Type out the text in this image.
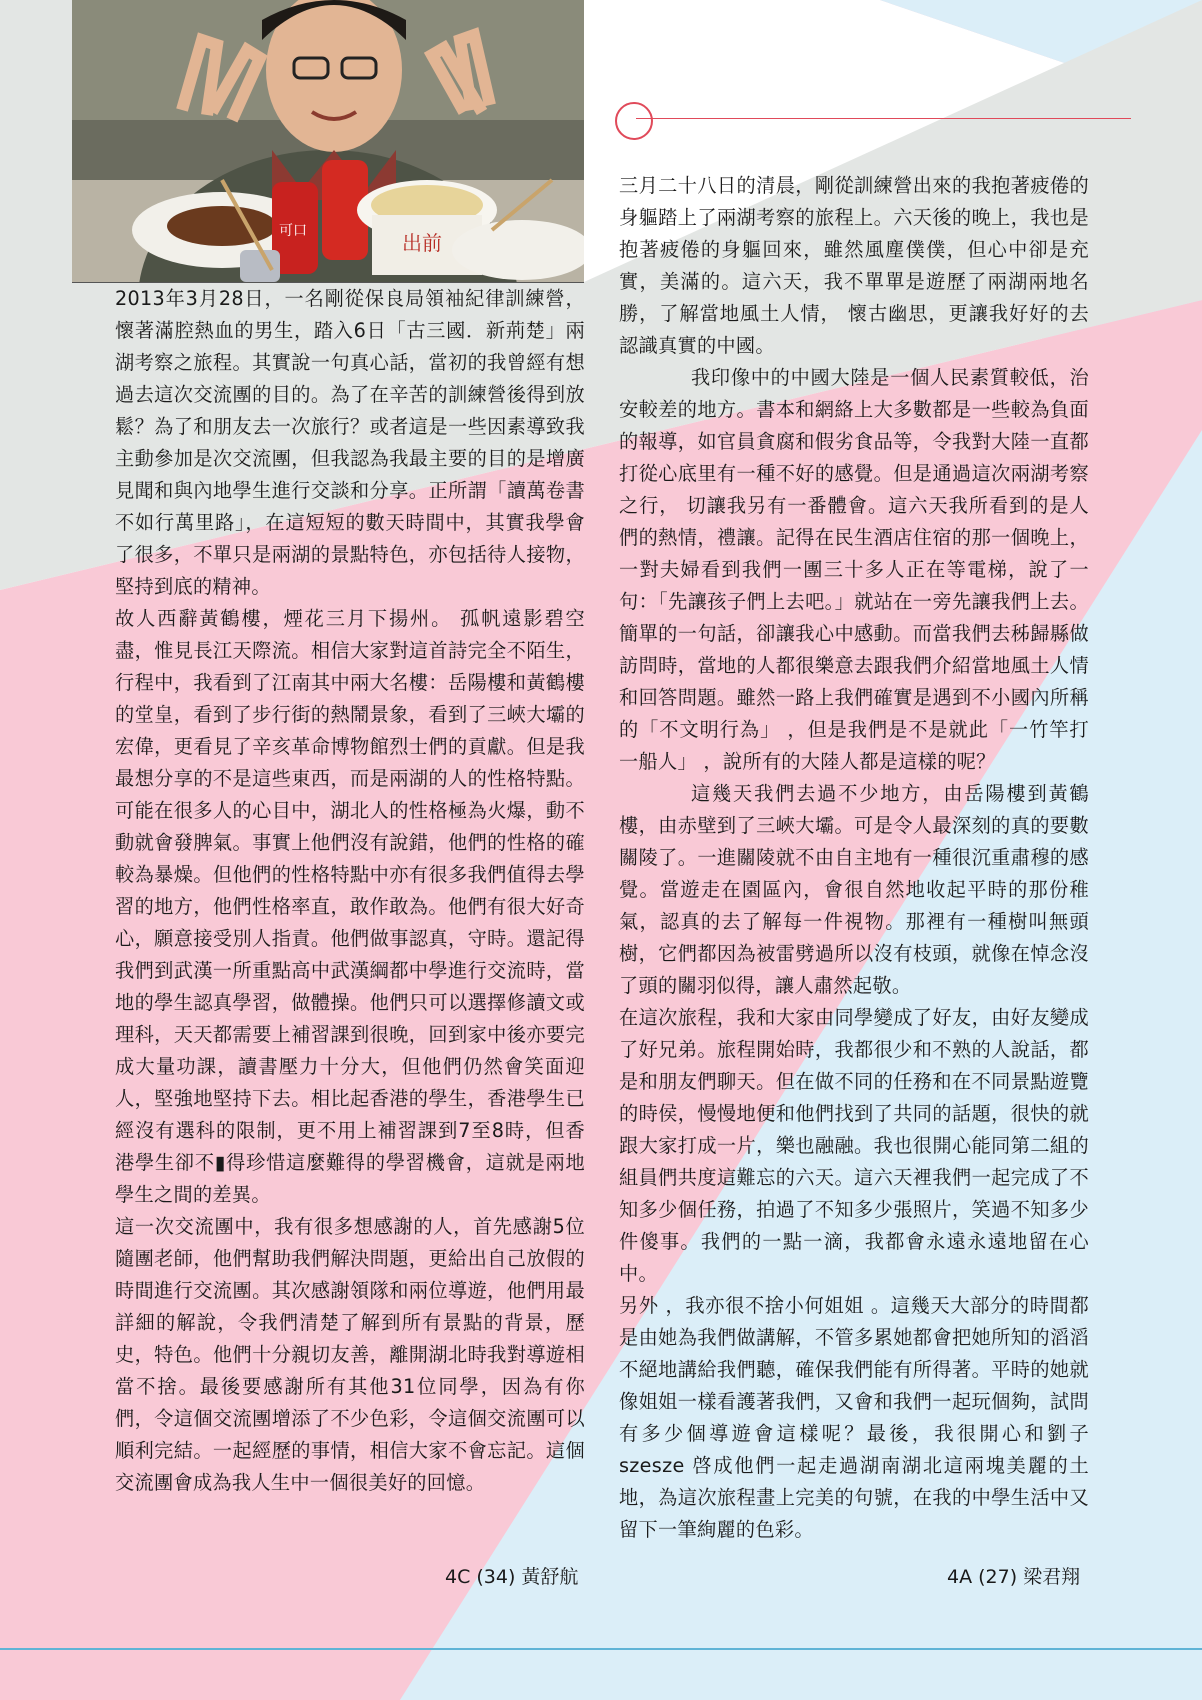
可口	出前

2013年3月28日，一名剛從保良局領袖紀律訓練營，懷著滿腔熱血的男生，踏入6日「古三國．新荊楚」兩湖考察之旅程。其實說一句真心話，當初的我曾經有想過去這次交流團的目的。為了在辛苦的訓練營後得到放鬆？為了和朋友去一次旅行？或者這是一些因素導致我主動參加是次交流團，但我認為我最主要的目的是增廣見聞和與內地學生進行交談和分享。正所謂「讀萬卷書不如行萬里路」，在這短短的數天時間中，其實我學會了很多，不單只是兩湖的景點特色，亦包括待人接物，堅持到底的精神。

故人西辭黃鶴樓，煙花三月下揚州。 孤帆遠影碧空盡，惟見長江天際流。相信大家對這首詩完全不陌生，行程中，我看到了江南其中兩大名樓：岳陽樓和黃鶴樓的堂皇，看到了步行街的熱鬧景象，看到了三峽大壩的宏偉，更看見了辛亥革命博物館烈士們的貢獻。但是我最想分享的不是這些東西，而是兩湖的人的性格特點。可能在很多人的心目中，湖北人的性格極為火爆，動不動就會發脾氣。事實上他們沒有說錯，他們的性格的確較為暴燥。但他們的性格特點中亦有很多我們值得去學習的地方，他們性格率直，敢作敢為。他們有很大好奇心，願意接受別人指責。他們做事認真，守時。還記得我們到武漢一所重點高中武漢綱都中學進行交流時，當地的學生認真學習，做體操。他們只可以選擇修讀文或理科，天天都需要上補習課到很晚，回到家中後亦要完成大量功課，讀書壓力十分大，但他們仍然會笑面迎人，堅強地堅持下去。相比起香港的學生，香港學生已經沒有選科的限制，更不用上補習課到7至8時，但香港學生卻不▮得珍惜這麼難得的學習機會，這就是兩地學生之間的差異。

這一次交流團中，我有很多想感謝的人，首先感謝5位隨團老師，他們幫助我們解決問題，更給出自己放假的時間進行交流團。其次感謝領隊和兩位導遊，他們用最詳細的解說，令我們清楚了解到所有景點的背景，歷史，特色。他們十分親切友善，離開湖北時我對導遊相當不捨。最後要感謝所有其他31位同學，因為有你們，令這個交流團增添了不少色彩，令這個交流團可以順利完結。一起經歷的事情，相信大家不會忘記。這個交流團會成為我人生中一個很美好的回憶。

4C (34) 黃舒航

三月二十八日的清晨，剛從訓練營出來的我抱著疲倦的身軀踏上了兩湖考察的旅程上。六天後的晚上，我也是抱著疲倦的身軀回來，雖然風塵僕僕，但心中卻是充實，美滿的。這六天，我不單單是遊歷了兩湖兩地名勝，了解當地風土人情， 懷古幽思，更讓我好好的去認識真實的中國。

我印像中的中國大陸是一個人民素質較低，治安較差的地方。書本和網絡上大多數都是一些較為負面的報導，如官員貪腐和假劣食品等，令我對大陸一直都打從心底里有一種不好的感覺。但是通過這次兩湖考察之行， 切讓我另有一番體會。這六天我所看到的是人們的熱情，禮讓。記得在民生酒店住宿的那一個晚上，一對夫婦看到我們一團三十多人正在等電梯，說了一句：「先讓孩子們上去吧。」就站在一旁先讓我們上去。簡單的一句話，卻讓我心中感動。而當我們去秭歸縣做訪問時，當地的人都很樂意去跟我們介紹當地風土人情和回答問題。雖然一路上我們確實是遇到不小國內所稱的「不文明行為」 ，但是我們是不是就此「一竹竿打一船人」 ，說所有的大陸人都是這樣的呢？

這幾天我們去過不少地方，由岳陽樓到黃鶴樓，由赤壁到了三峽大壩。可是令人最深刻的真的要數關陵了。一進關陵就不由自主地有一種很沉重肅穆的感覺。當遊走在園區內，會很自然地收起平時的那份稚氣，認真的去了解每一件視物。那裡有一種樹叫無頭樹，它們都因為被雷劈過所以沒有枝頭，就像在悼念沒了頭的關羽似得，讓人肅然起敬。

在這次旅程，我和大家由同學變成了好友，由好友變成了好兄弟。旅程開始時，我都很少和不熟的人說話，都是和朋友們聊天。但在做不同的任務和在不同景點遊覽的時侯，慢慢地便和他們找到了共同的話題，很快的就跟大家打成一片，樂也融融。我也很開心能同第二組的組員們共度這難忘的六天。這六天裡我們一起完成了不知多少個任務，拍過了不知多少張照片，笑過不知多少件傻事。我們的一點一滴，我都會永遠永遠地留在心中。

另外 ，我亦很不捨小何姐姐 。這幾天大部分的時間都是由她為我們做講解，不管多累她都會把她所知的滔滔不絕地講給我們聽，確保我們能有所得著。平時的她就像姐姐一樣看護著我們，又會和我們一起玩個夠，試問有多少個導遊會這樣呢？最後，我很開心和劉子 szesze 啓成他們一起走過湖南湖北這兩塊美麗的土地，為這次旅程畫上完美的句號，在我的中學生活中又留下一筆絢麗的色彩。

4A (27) 梁君翔
